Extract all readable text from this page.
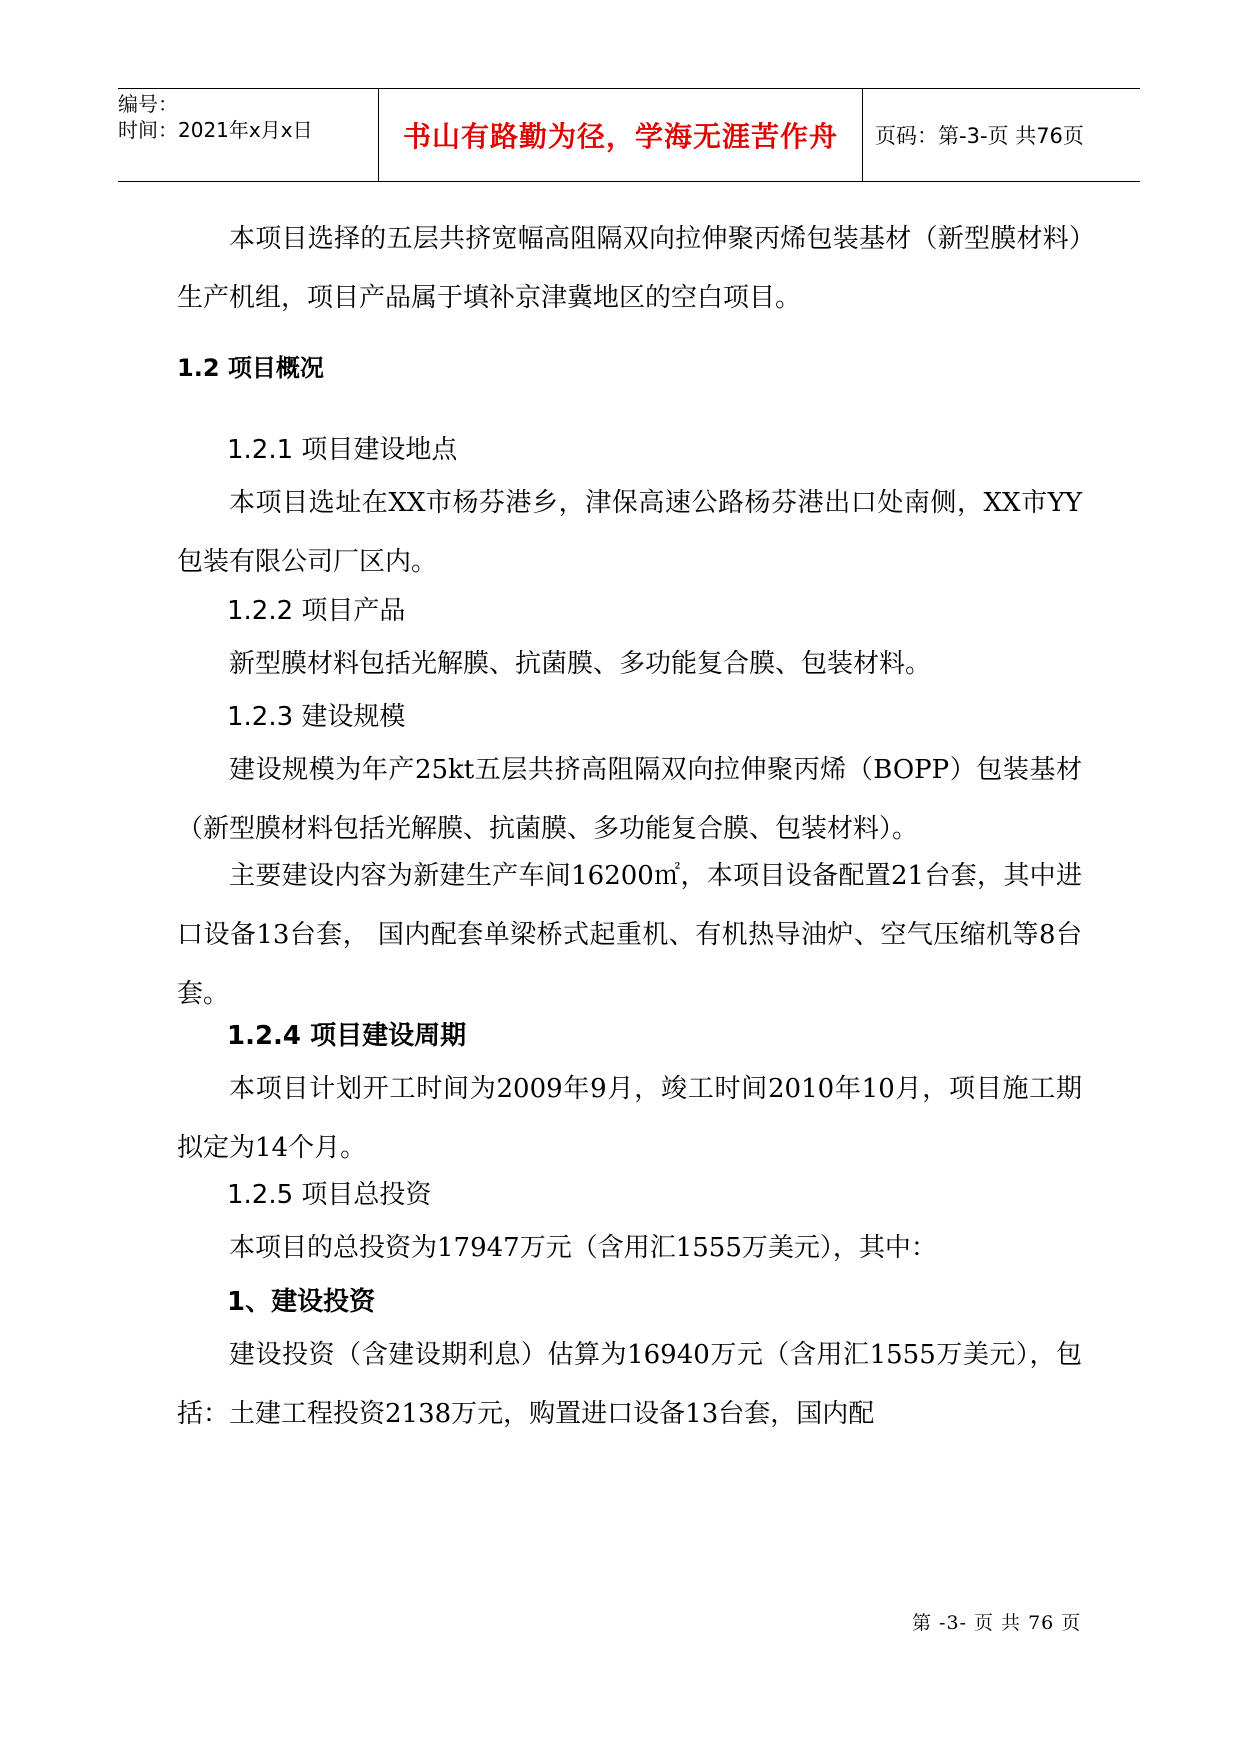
编号：
时间：2021年x月x日	书山有路勤为径，学海无涯苦作舟	页码：第-3-页 共76页

本项目选择的五层共挤宽幅高阻隔双向拉伸聚丙烯包装基材（新型膜材料）生产机组，项目产品属于填补京津冀地区的空白项目。

1.2 项目概况

1.2.1 项目建设地点

本项目选址在XX市杨芬港乡，津保高速公路杨芬港出口处南侧，XX市YY包装有限公司厂区内。

1.2.2 项目产品

新型膜材料包括光解膜、抗菌膜、多功能复合膜、包装材料。

1.2.3 建设规模

建设规模为年产25kt五层共挤高阻隔双向拉伸聚丙烯（BOPP）包装基材（新型膜材料包括光解膜、抗菌膜、多功能复合膜、包装材料）。

主要建设内容为新建生产车间16200㎡，本项目设备配置21台套，其中进口设备13台套， 国内配套单梁桥式起重机、有机热导油炉、空气压缩机等8台套。

1.2.4 项目建设周期

本项目计划开工时间为2009年9月，竣工时间2010年10月，项目施工期拟定为14个月。

1.2.5 项目总投资

本项目的总投资为17947万元（含用汇1555万美元），其中：

1、建设投资

建设投资（含建设期利息）估算为16940万元（含用汇1555万美元），包括：土建工程投资2138万元，购置进口设备13台套，国内配

第 -3- 页 共 76 页
